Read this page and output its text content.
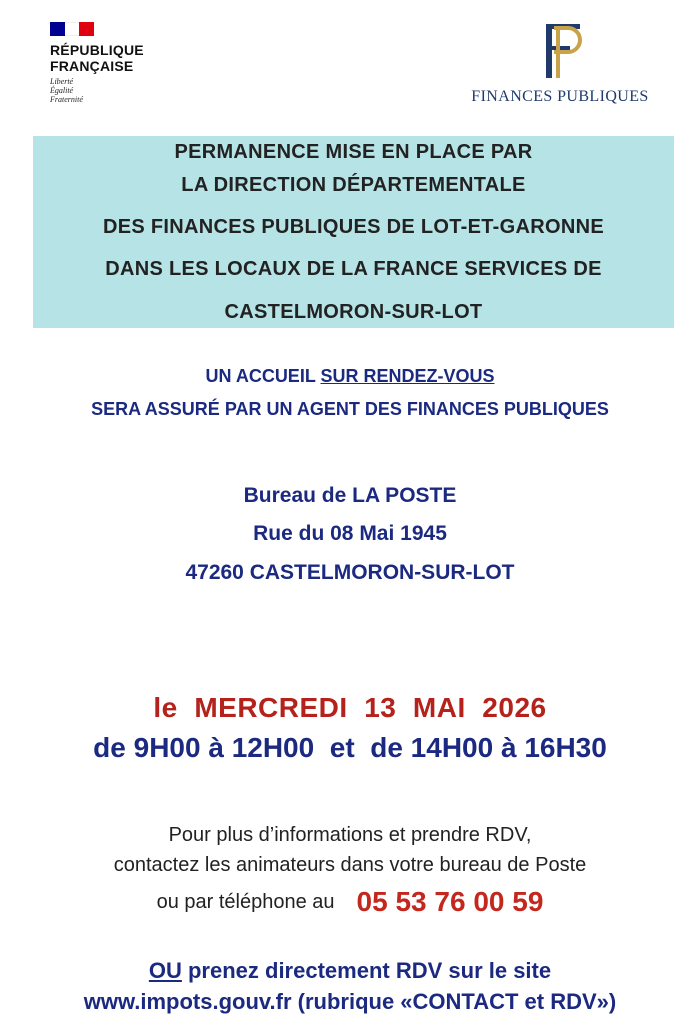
RÉPUBLIQUE
FRANÇAISE
Liberté
Égalité
Fraternité	FINANCES PUBLIQUES
PERMANENCE MISE EN PLACE PAR
LA DIRECTION DÉPARTEMENTALE
DES FINANCES PUBLIQUES DE LOT-ET-GARONNE
DANS LES LOCAUX DE LA FRANCE SERVICES DE
CASTELMORON-SUR-LOT
UN ACCUEIL SUR RENDEZ-VOUS
SERA ASSURÉ PAR UN AGENT DES FINANCES PUBLIQUES
Bureau de LA POSTE
Rue du 08 Mai 1945
47260 CASTELMORON-SUR-LOT
le  MERCREDI  13  MAI  2026
de 9H00 à 12H00  et  de 14H00 à 16H30
Pour plus d’informations et prendre RDV,
contactez les animateurs dans votre bureau de Poste
ou par téléphone au 05 53 76 00 59
OU prenez directement RDV sur le site
www.impots.gouv.fr (rubrique «CONTACT et RDV»)
